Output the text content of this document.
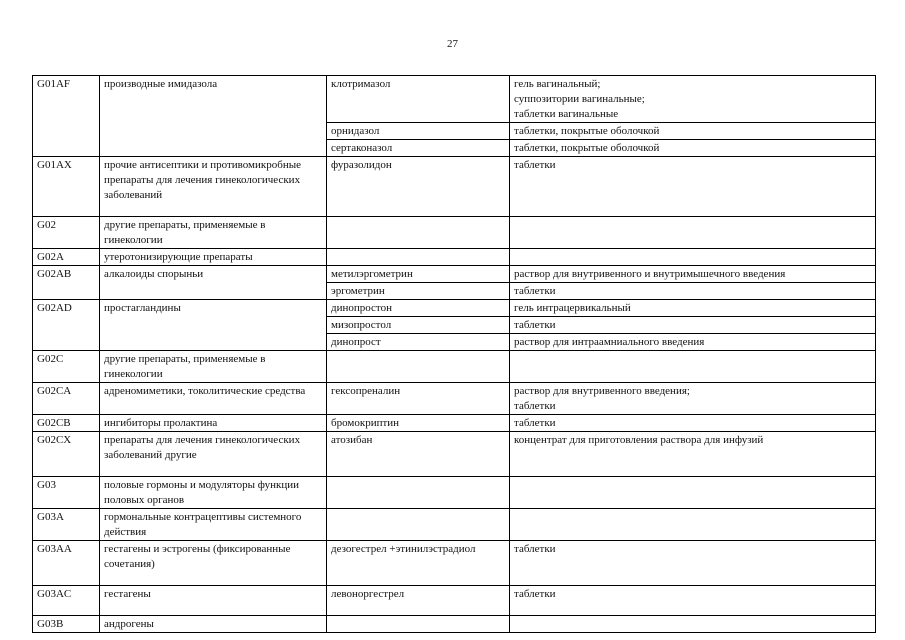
27
G01AF	производные имидазола	клотримазол	гель вагинальный;
суппозитории вагинальные;
таблетки вагинальные

		орнидазол	таблетки, покрытые оболочкой

		сертаконазол	таблетки, покрытые оболочкой

G01AX	прочие антисептики и противомикробные препараты для лечения гинекологических заболеваний	фуразолидон	таблетки

G02	другие препараты, применяемые в гинекологии		
G02A	утеротонизирующие препараты		
G02AB	алкалоиды спорыньи	метилэргометрин	раствор для внутривенного и внутримышечного введения

		эргометрин	таблетки

G02AD	простагландины	динопростон	гель интрацервикальный

		мизопростол	таблетки

		динопрост	раствор для интраамниального введения

G02C	другие препараты, применяемые в гинекологии		
G02CA	адреномиметики, токолитические средства	гексопреналин	раствор для внутривенного введения;
таблетки

G02CB	ингибиторы пролактина	бромокриптин	таблетки

G02CX	препараты для лечения гинекологических заболеваний другие	атозибан	концентрат для приготовления раствора для инфузий

G03	половые гормоны и модуляторы функции половых органов		
G03A	гормональные контрацептивы системного действия		
G03AA	гестагены и эстрогены (фиксированные сочетания)	дезогестрел +этинилэстрадиол	таблетки

G03AC	гестагены	левоноргестрел	таблетки

G03B	андрогены		
